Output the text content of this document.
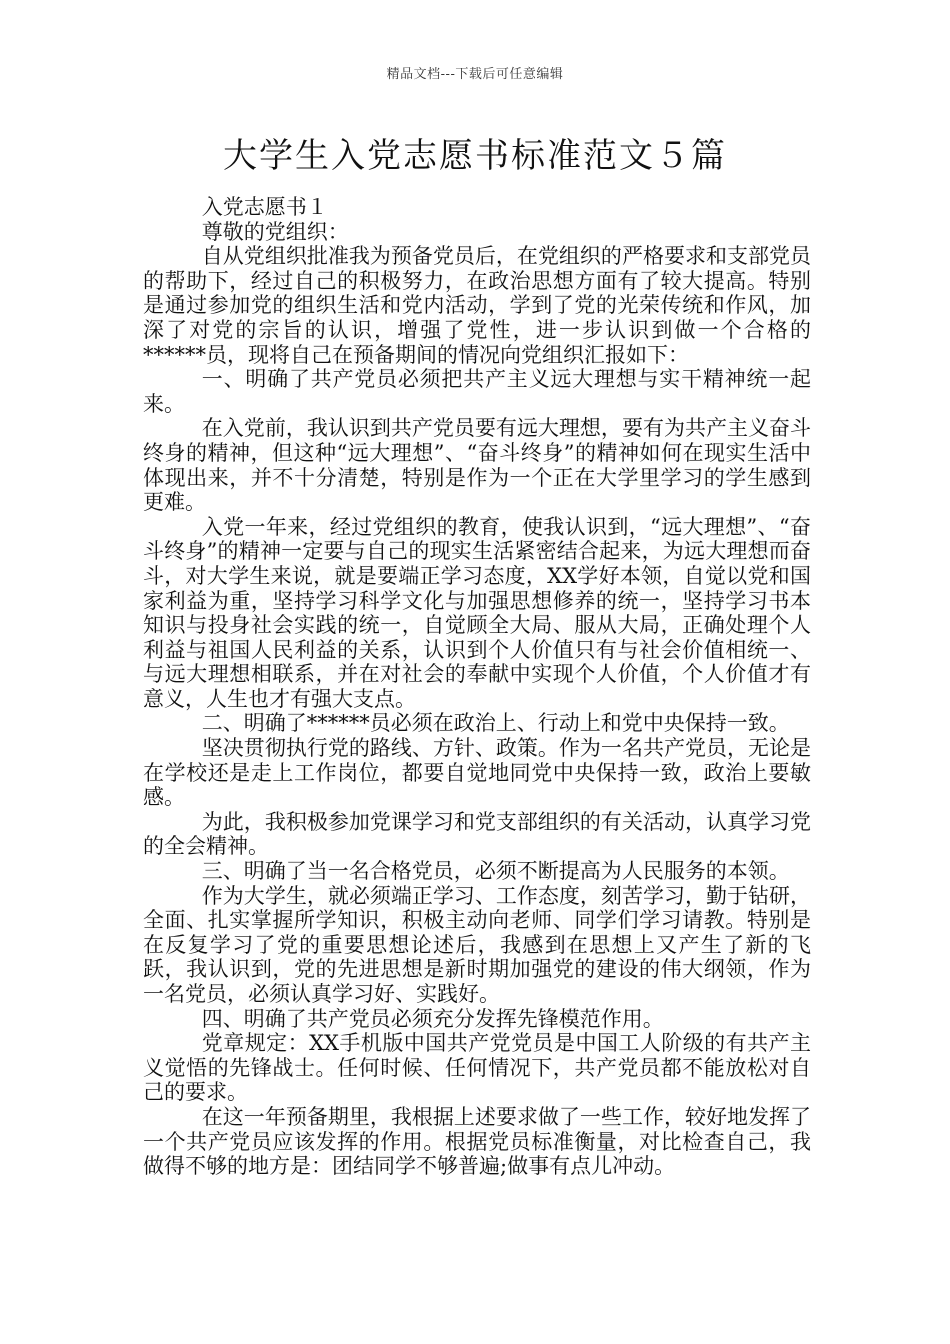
精品文档---下载后可任意编辑
大学生入党志愿书标准范文５篇

入党志愿书１

尊敬的党组织：

自从党组织批准我为预备党员后，在党组织的严格要求和支部党员的帮助下，经过自己的积极努力，在政治思想方面有了较大提高。特别是通过参加党的组织生活和党内活动，学到了党的光荣传统和作风，加深了对党的宗旨的认识，增强了党性，进一步认识到做一个合格的******员，现将自己在预备期间的情况向党组织汇报如下：

一、明确了共产党员必须把共产主义远大理想与实干精神统一起来。

在入党前，我认识到共产党员要有远大理想，要有为共产主义奋斗终身的精神，但这种“远大理想”、“奋斗终身”的精神如何在现实生活中体现出来，并不十分清楚，特别是作为一个正在大学里学习的学生感到更难。

入党一年来，经过党组织的教育，使我认识到，“远大理想”、“奋斗终身”的精神一定要与自己的现实生活紧密结合起来，为远大理想而奋斗，对大学生来说，就是要端正学习态度，XX学好本领，自觉以党和国家利益为重，坚持学习科学文化与加强思想修养的统一，坚持学习书本知识与投身社会实践的统一，自觉顾全大局、服从大局，正确处理个人利益与祖国人民利益的关系，认识到个人价值只有与社会价值相统一、与远大理想相联系，并在对社会的奉献中实现个人价值，个人价值才有意义，人生也才有强大支点。

二、明确了******员必须在政治上、行动上和党中央保持一致。

坚决贯彻执行党的路线、方针、政策。作为一名共产党员，无论是在学校还是走上工作岗位，都要自觉地同党中央保持一致，政治上要敏感。

为此，我积极参加党课学习和党支部组织的有关活动，认真学习党的全会精神。

三、明确了当一名合格党员，必须不断提高为人民服务的本领。

作为大学生，就必须端正学习、工作态度，刻苦学习，勤于钻研，全面、扎实掌握所学知识，积极主动向老师、同学们学习请教。特别是在反复学习了党的重要思想论述后，我感到在思想上又产生了新的飞跃，我认识到，党的先进思想是新时期加强党的建设的伟大纲领，作为一名党员，必须认真学习好、实践好。

四、明确了共产党员必须充分发挥先锋模范作用。

党章规定：XX手机版中国共产党党员是中国工人阶级的有共产主义觉悟的先锋战士。任何时候、任何情况下，共产党员都不能放松对自己的要求。

在这一年预备期里，我根据上述要求做了一些工作，较好地发挥了一个共产党员应该发挥的作用。根据党员标准衡量，对比检查自己，我做得不够的地方是：团结同学不够普遍;做事有点儿冲动。
